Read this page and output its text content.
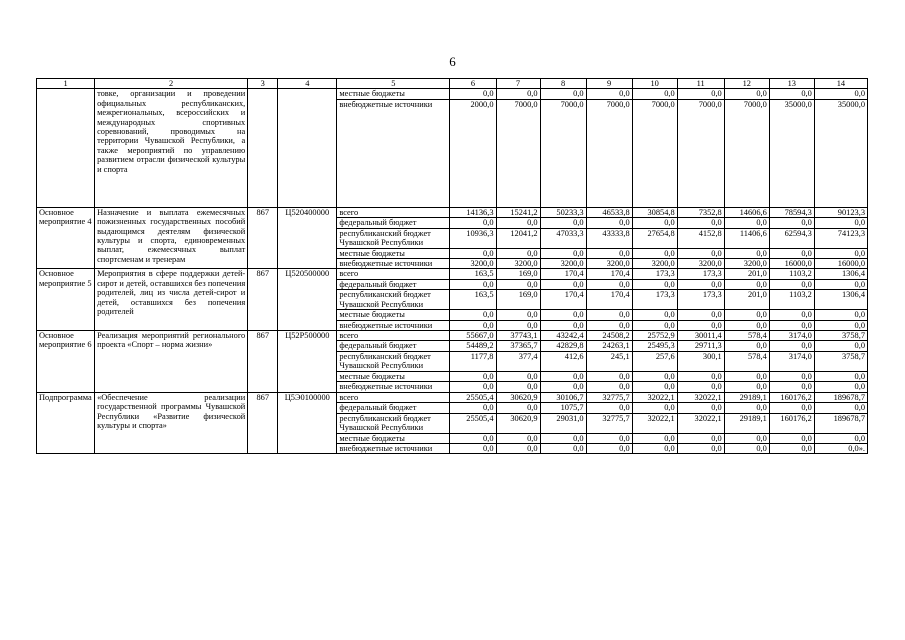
6
1	2	3	4	5	6	7	8	9	10	11	12	13	14
	товке, организации и проведении официальных республиканских, межрегиональных, всероссийских и международных спортивных соревнований, проводимых на территории Чувашской Республики, а также мероприятий по управлению развитием отрасли физической культуры и спорта			местные бюджеты	0,0	0,0	0,0	0,0	0,0	0,0	0,0	0,0	0,0
				внебюджетные источники	2000,0	7000,0	7000,0	7000,0	7000,0	7000,0	7000,0	35000,0	35000,0
Основное мероприятие 4	Назначение и выплата ежемесячных пожизненных государственных пособий выдающимся деятелям физической культуры и спорта, единовременных выплат, ежемесячных выплат спортсменам и тренерам	867	Ц520400000	всего	14136,3	15241,2	50233,3	46533,8	30854,8	7352,8	14606,6	78594,3	90123,3
				федеральный бюджет	0,0	0,0	0,0	0,0	0,0	0,0	0,0	0,0	0,0
				республиканский бюджет Чувашской Республики	10936,3	12041,2	47033,3	43333,8	27654,8	4152,8	11406,6	62594,3	74123,3
				местные бюджеты	0,0	0,0	0,0	0,0	0,0	0,0	0,0	0,0	0,0
				внебюджетные источники	3200,0	3200,0	3200,0	3200,0	3200,0	3200,0	3200,0	16000,0	16000,0
Основное мероприятие 5	Мероприятия в сфере поддержки детей-сирот и детей, оставшихся без попечения родителей, лиц из числа детей-сирот и детей, оставшихся без попечения родителей	867	Ц520500000	всего	163,5	169,0	170,4	170,4	173,3	173,3	201,0	1103,2	1306,4
				федеральный бюджет	0,0	0,0	0,0	0,0	0,0	0,0	0,0	0,0	0,0
				республиканский бюджет Чувашской Республики	163,5	169,0	170,4	170,4	173,3	173,3	201,0	1103,2	1306,4
				местные бюджеты	0,0	0,0	0,0	0,0	0,0	0,0	0,0	0,0	0,0
				внебюджетные источники	0,0	0,0	0,0	0,0	0,0	0,0	0,0	0,0	0,0
Основное мероприятие 6	Реализация мероприятий регионального проекта «Спорт – норма жизни»	867	Ц52Р500000	всего	55667,0	37743,1	43242,4	24508,2	25752,9	30011,4	578,4	3174,0	3758,7
				федеральный бюджет	54489,2	37365,7	42829,8	24263,1	25495,3	29711,3	0,0	0,0	0,0
				республиканский бюджет Чувашской Республики	1177,8	377,4	412,6	245,1	257,6	300,1	578,4	3174,0	3758,7
				местные бюджеты	0,0	0,0	0,0	0,0	0,0	0,0	0,0	0,0	0,0
				внебюджетные источники	0,0	0,0	0,0	0,0	0,0	0,0	0,0	0,0	0,0
Подпрограмма	«Обеспечение реализации государственной программы Чувашской Республики «Развитие физической культуры и спорта»	867	Ц5Э0100000	всего	25505,4	30620,9	30106,7	32775,7	32022,1	32022,1	29189,1	160176,2	189678,7
				федеральный бюджет	0,0	0,0	1075,7	0,0	0,0	0,0	0,0	0,0	0,0
				республиканский бюджет Чувашской Республики	25505,4	30620,9	29031,0	32775,7	32022,1	32022,1	29189,1	160176,2	189678,7
				местные бюджеты	0,0	0,0	0,0	0,0	0,0	0,0	0,0	0,0	0,0
				внебюджетные источники	0,0	0,0	0,0	0,0	0,0	0,0	0,0	0,0	0,0».
